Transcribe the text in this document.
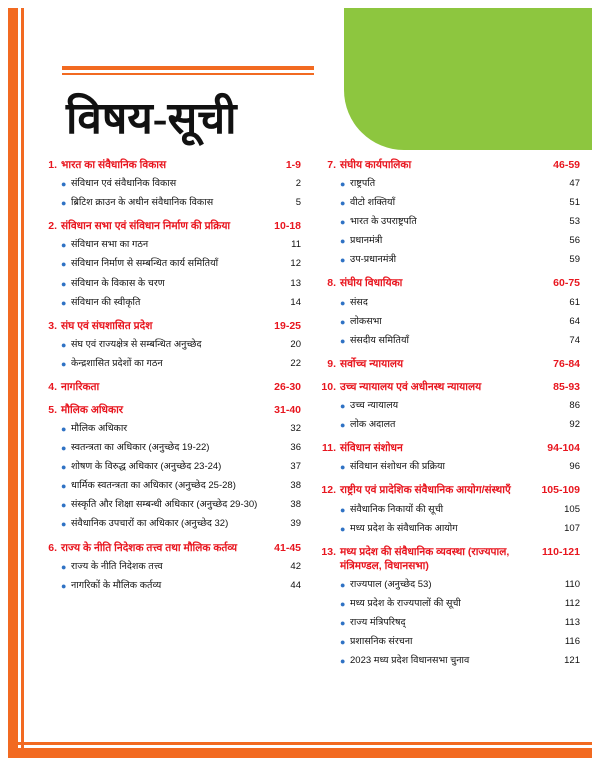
विषय-सूची
1. भारत का संवैधानिक विकास	1-9
● संविधान एवं संवैधानिक विकास	2
● ब्रिटिश क्राउन के अधीन संवैधानिक विकास	5
2. संविधान सभा एवं संविधान निर्माण की प्रक्रिया	10-18
● संविधान सभा का गठन	11
● संविधान निर्माण से सम्बन्धित कार्य समितियाँ	12
● संविधान के विकास के चरण	13
● संविधान की स्वीकृति	14
3. संघ एवं संघशासित प्रदेश	19-25
● संघ एवं राज्यक्षेत्र से सम्बन्धित अनुच्छेद	20
● केन्द्रशासित प्रदेशों का गठन	22
4. नागरिकता	26-30
5. मौलिक अधिकार	31-40
● मौलिक अधिकार	32
● स्वतन्त्रता का अधिकार (अनुच्छेद 19-22)	36
● शोषण के विरुद्ध अधिकार (अनुच्छेद 23-24)	37
● धार्मिक स्वतन्त्रता का अधिकार (अनुच्छेद 25-28)	38
● संस्कृति और शिक्षा सम्बन्धी अधिकार (अनुच्छेद 29-30)	38
● संवैधानिक उपचारों का अधिकार (अनुच्छेद 32)	39
6. राज्य के नीति निदेशक तत्त्व तथा मौलिक कर्तव्य	41-45
● राज्य के नीति निदेशक तत्त्व	42
● नागरिकों के मौलिक कर्तव्य	44
7. संघीय कार्यपालिका	46-59
● राष्ट्रपति	47
● वीटो शक्तियाँ	51
● भारत के उपराष्ट्रपति	53
● प्रधानमंत्री	56
● उप-प्रधानमंत्री	59
8. संघीय विधायिका	60-75
● संसद	61
● लोकसभा	64
● संसदीय समितियाँ	74
9. सर्वोच्च न्यायालय	76-84
10. उच्च न्यायालय एवं अधीनस्थ न्यायालय	85-93
● उच्च न्यायालय	86
● लोक अदालत	92
11. संविधान संशोधन	94-104
● संविधान संशोधन की प्रक्रिया	96
12. राष्ट्रीय एवं प्रादेशिक संवैधानिक आयोग/संस्थाएँ	105-109
● संवैधानिक निकायों की सूची	105
● मध्य प्रदेश के संवैधानिक आयोग	107
13. मध्य प्रदेश की संवैधानिक व्यवस्था (राज्यपाल, मंत्रिमण्डल, विधानसभा)
110-121
● राज्यपाल (अनुच्छेद 53)	110
● मध्य प्रदेश के राज्यपालों की सूची	112
● राज्य मंत्रिपरिषद्	113
● प्रशासनिक संरचना	116
● 2023 मध्य प्रदेश विधानसभा चुनाव	121
